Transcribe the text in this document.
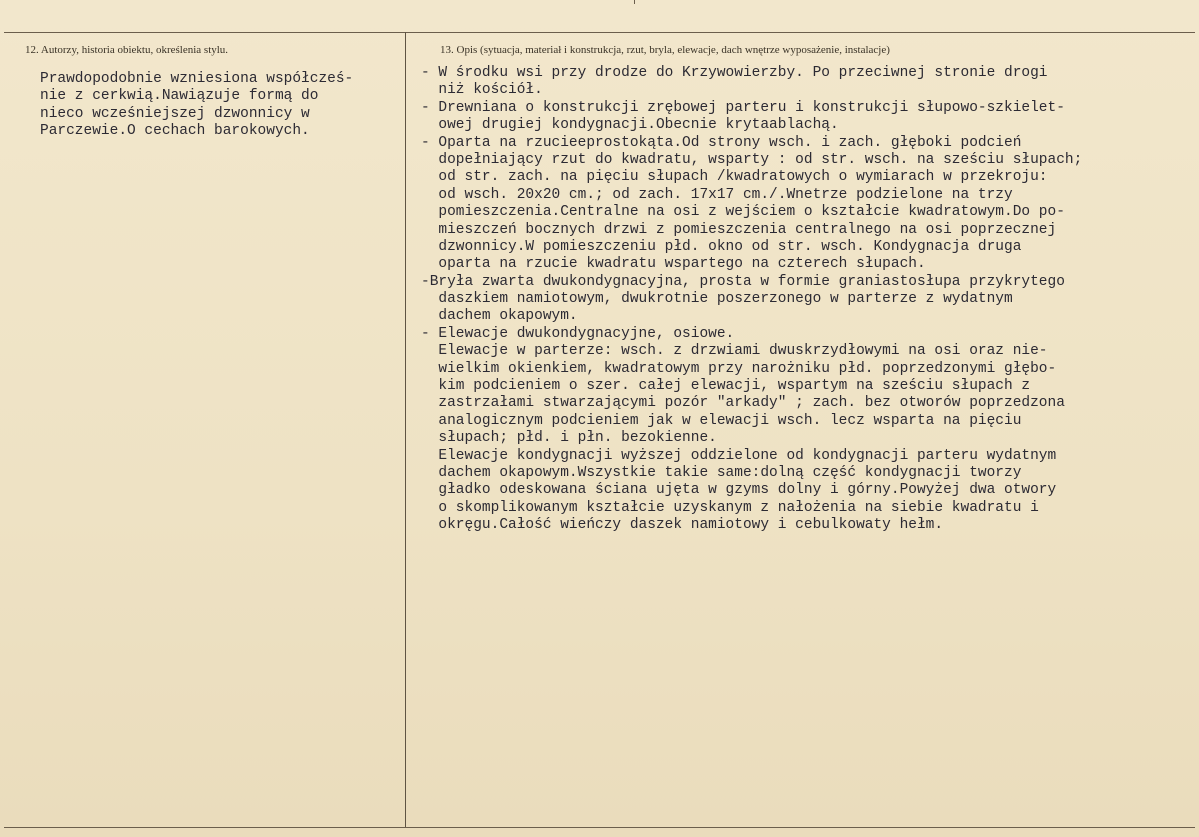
12. Autorzy, historia obiektu, określenia stylu.	13. Opis (sytuacja, materiał i konstrukcja, rzut, bryla, elewacje, dach wnętrze wyposażenie, instalacje)
Prawdopodobnie wzniesiona współcześ-
nie z cerkwią.Nawiązuje formą do
nieco wcześniejszej dzwonnicy w
Parczewie.O cechach barokowych.
- W środku wsi przy drodze do Krzywowierzby. Po przeciwnej stronie drogi
niż kościół.
- Drewniana o konstrukcji zrębowej parteru i konstrukcji słupowo-szkielet-
owej drugiej kondygnacji.Obecnie krytaablachą.
- Oparta na rzucieeprostokąta.Od strony wsch. i zach. głęboki podcień
dopełniający rzut do kwadratu, wsparty : od str. wsch. na sześciu słupach;
od str. zach. na pięciu słupach /kwadratowych o wymiarach w przekroju:
od wsch. 20x20 cm.; od zach. 17x17 cm./.Wnetrze podzielone na trzy
pomieszczenia.Centralne na osi z wejściem o kształcie kwadratowym.Do po-
mieszczeń bocznych drzwi z pomieszczenia centralnego na osi poprzecznej
dzwonnicy.W pomieszczeniu płd. okno od str. wsch. Kondygnacja druga
oparta na rzucie kwadratu wspartego na czterech słupach.
-Bryła zwarta dwukondygnacyjna, prosta w formie graniastosłupa przykrytego
daszkiem namiotowym, dwukrotnie poszerzonego w parterze z wydatnym
dachem okapowym.
- Elewacje dwukondygnacyjne, osiowe.
Elewacje w parterze: wsch. z drzwiami dwuskrzydłowymi na osi oraz nie-
wielkim okienkiem, kwadratowym przy narożniku płd. poprzedzonymi głębo-
kim podcieniem o szer. całej elewacji, wspartym na sześciu słupach z
zastrzałami stwarzającymi pozór "arkady" ; zach. bez otworów poprzedzona
analogicznym podcieniem jak w elewacji wsch. lecz wsparta na pięciu
słupach; płd. i płn. bezokienne.
Elewacje kondygnacji wyższej oddzielone od kondygnacji parteru wydatnym
dachem okapowym.Wszystkie takie same:dolną część kondygnacji tworzy
gładko odeskowana ściana ujęta w gzyms dolny i górny.Powyżej dwa otwory
o skomplikowanym kształcie uzyskanym z nałożenia na siebie kwadratu i
okręgu.Całość wieńczy daszek namiotowy i cebulkowaty hełm.
